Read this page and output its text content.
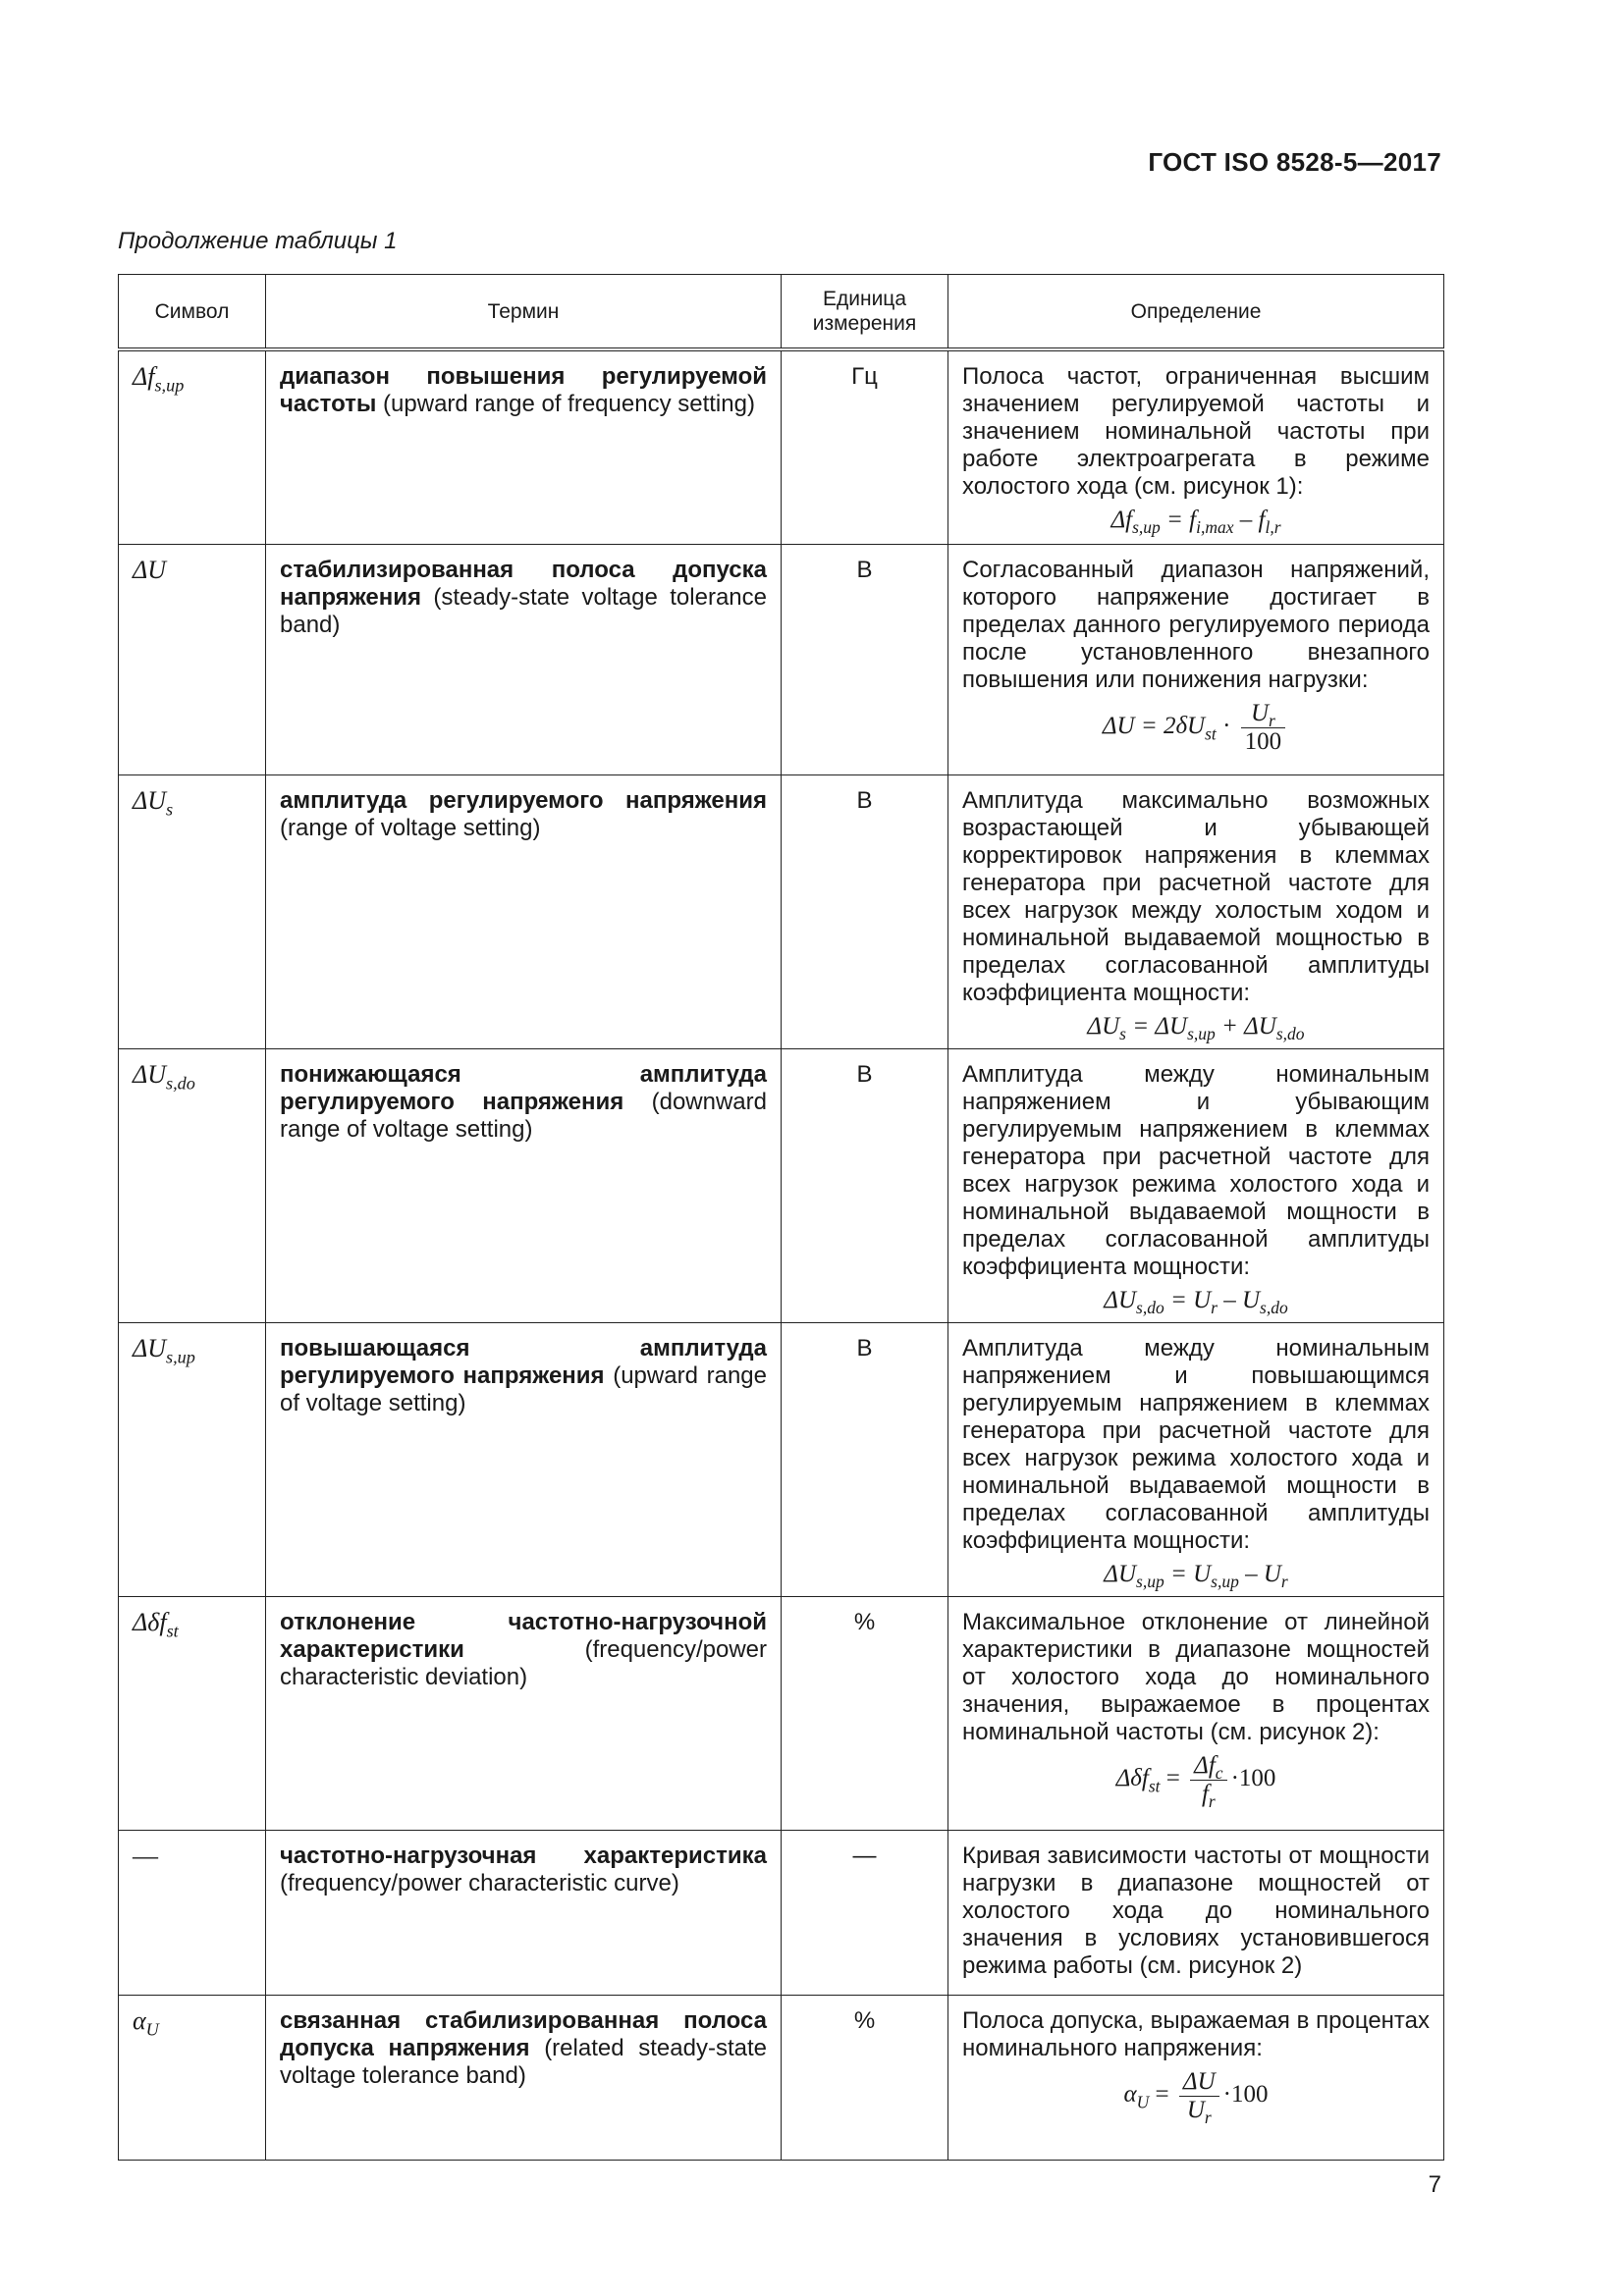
ГОСТ ISO 8528-5—2017
Продолжение таблицы 1
Символ	Термин	Единица измерения	Определение
$\Delta f_{s,up}$	диапазон повышения регулируемой частоты (upward range of frequency setting)	Гц	Полоса частот, ограниченная высшим значением регулируемой частоты и значением номинальной частоты при работе электроагрегата в режиме холостого хода (см. рисунок 1):
$\Delta f_{s,up} = f_{i,max} - f_{l,r}$

ΔU	стабилизированная полоса допуска напряжения (steady-state voltage tolerance band)	В	Согласованный диапазон напряжений, которого напряжение достигает в пределах данного регулируемого периода после установленного внезапного повышения или понижения нагрузки:
$\Delta U = 2\delta U_{st} \cdot \frac{U_r}{100}$

$\Delta U_s$	амплитуда регулируемого напряжения (range of voltage setting)	В	Амплитуда максимально возможных возрастающей и убывающей корректировок напряжения в клеммах генератора при расчетной частоте для всех нагрузок между холостым ходом и номинальной выдаваемой мощностью в пределах согласованной амплитуды коэффициента мощности:
$\Delta U_s = \Delta U_{s,up} + \Delta U_{s,do}$

$\Delta U_{s,do}$	понижающаяся амплитуда регулируемого напряжения (downward range of voltage setting)	В	Амплитуда между номинальным напряжением и убывающим регулируемым напряжением в клеммах генератора при расчетной частоте для всех нагрузок режима холостого хода и номинальной выдаваемой мощности в пределах согласованной амплитуды коэффициента мощности:
$\Delta U_{s,do} = U_r - U_{s,do}$

$\Delta U_{s,up}$	повышающаяся амплитуда регулируемого напряжения (upward range of voltage setting)	В	Амплитуда между номинальным напряжением и повышающимся регулируемым напряжением в клеммах генератора при расчетной частоте для всех нагрузок режима холостого хода и номинальной выдаваемой мощности в пределах согласованной амплитуды коэффициента мощности:
$\Delta U_{s,up} = U_{s,up} - U_r$

Δδf$_{st}$	отклонение частотно-нагрузочной характеристики (frequency/power characteristic deviation)	%	Максимальное отклонение от линейной характеристики в диапазоне мощностей от холостого хода до номинального значения, выражаемое в процентах номинальной частоты (см. рисунок 2):
$\Delta\delta f_{st} = \frac{\Delta f_c}{f_r} \cdot 100$

—	частотно-нагрузочная характеристика (frequency/power characteristic curve)	—	Кривая зависимости частоты от мощности нагрузки в диапазоне мощностей от холостого хода до номинального значения в условиях установившегося режима работы (см. рисунок 2)

$\alpha_U$	связанная стабилизированная полоса допуска напряжения (related steady-state voltage tolerance band)	%	Полоса допуска, выражаемая в процентах номинального напряжения:
$\alpha_U = \frac{\Delta U}{U_r} \cdot 100$
7
